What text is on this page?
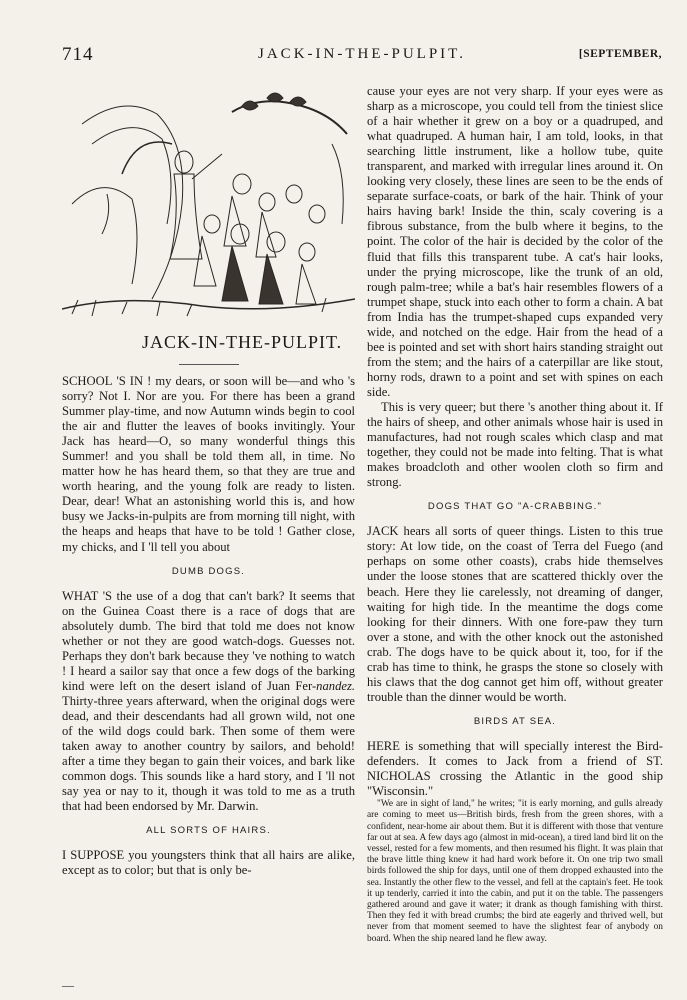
714	JACK-IN-THE-PULPIT.	[SEPTEMBER,
JACK-IN-THE-PULPIT.

SCHOOL 'S IN ! my dears, or soon will be—and who 's sorry? Not I. Nor are you. For there has been a grand Summer play-time, and now Autumn winds begin to cool the air and flutter the leaves of books invitingly. Your Jack has heard—O, so many wonderful things this Summer! and you shall be told them all, in time. No matter how he has heard them, so that they are true and worth hearing, and the young folk are ready to listen. Dear, dear! What an astonishing world this is, and how busy we Jacks-in-pulpits are from morning till night, with the heaps and heaps that have to be told ! Gather close, my chicks, and I 'll tell you about

DUMB DOGS.

WHAT 'S the use of a dog that can't bark? It seems that on the Guinea Coast there is a race of dogs that are absolutely dumb. The bird that told me does not know whether or not they are good watch-dogs. Guesses not. Perhaps they don't bark because they 've nothing to watch ! I heard a sailor say that once a few dogs of the barking kind were left on the desert island of Juan Fer-nandez. Thirty-three years afterward, when the original dogs were dead, and their descendants had all grown wild, not one of the wild dogs could bark. Then some of them were taken away to another country by sailors, and behold! after a time they began to gain their voices, and bark like common dogs. This sounds like a hard story, and I 'll not say yea or nay to it, though it was told to me as a truth that had been endorsed by Mr. Darwin.

ALL SORTS OF HAIRS.

I SUPPOSE you youngsters think that all hairs are alike, except as to color; but that is only be-

cause your eyes are not very sharp. If your eyes were as sharp as a microscope, you could tell from the tiniest slice of a hair whether it grew on a boy or a quadruped, and what quadruped. A human hair, I am told, looks, in that searching little instrument, like a hollow tube, quite transparent, and marked with irregular lines around it. On looking very closely, these lines are seen to be the ends of separate surface-coats, or bark of the hair. Think of your hairs having bark! Inside the thin, scaly covering is a fibrous substance, from the bulb where it begins, to the point. The color of the hair is decided by the color of the fluid that fills this transparent tube. A cat's hair looks, under the prying microscope, like the trunk of an old, rough palm-tree; while a bat's hair resembles flowers of a trumpet shape, stuck into each other to form a chain. A bat from India has the trumpet-shaped cups expanded very wide, and notched on the edge. Hair from the head of a bee is pointed and set with short hairs standing straight out from the stem; and the hairs of a caterpillar are like stout, horny rods, drawn to a point and set with spines on each side.

This is very queer; but there 's another thing about it. If the hairs of sheep, and other animals whose hair is used in manufactures, had not rough scales which clasp and mat together, they could not be made into felting. That is what makes broadcloth and other woolen cloth so firm and strong.

DOGS THAT GO "A-CRABBING."

JACK hears all sorts of queer things. Listen to this true story: At low tide, on the coast of Terra del Fuego (and perhaps on some other coasts), crabs hide themselves under the loose stones that are scattered thickly over the beach. Here they lie carelessly, not dreaming of danger, waiting for high tide. In the meantime the dogs come looking for their dinners. With one fore-paw they turn over a stone, and with the other knock out the astonished crab. The dogs have to be quick about it, too, for if the crab has time to think, he grasps the stone so closely with his claws that the dog cannot get him off, without greater trouble than the dinner would be worth.

BIRDS AT SEA.

HERE is something that will specially interest the Bird-defenders. It comes to Jack from a friend of ST. NICHOLAS crossing the Atlantic in the good ship "Wisconsin."

"We are in sight of land," he writes; "it is early morning, and gulls already are coming to meet us—British birds, fresh from the green shores, with a confident, near-home air about them. But it is different with those that venture far out at sea. A few days ago (almost in mid-ocean), a tired land bird lit on the vessel, rested for a few moments, and then resumed his flight. It was plain that the brave little thing knew it had hard work before it. On one trip two small birds followed the ship for days, until one of them dropped exhausted into the sea. Instantly the other flew to the vessel, and fell at the captain's feet. He took it up tenderly, carried it into the cabin, and put it on the table. The passengers gathered around and gave it water; it drank as though famishing with thirst. Then they fed it with bread crumbs; the bird ate eagerly and thrived well, but never from that moment seemed to have the slightest fear of anybody on board. When the ship neared land he flew away.

—
